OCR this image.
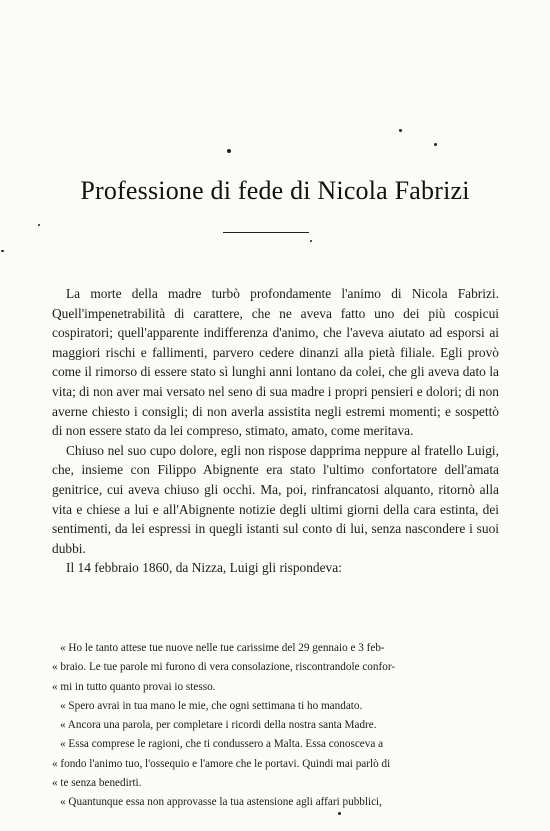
Professione di fede di Nicola Fabrizi

La morte della madre turbò profondamente l'animo di Nicola Fabrizi. Quell'impenetrabilità di carattere, che ne aveva fatto uno dei più cospicui cospiratori; quell'apparente indifferenza d'animo, che l'aveva aiutato ad esporsi ai maggiori rischi e fallimenti, parvero cedere dinanzi alla pietà filiale. Egli provò come il rimorso di essere stato sì lunghi anni lontano da colei, che gli aveva dato la vita; di non aver mai versato nel seno di sua madre i propri pensieri e dolori; di non averne chiesto i consigli; di non averla assistita negli estremi momenti; e sospettò di non essere stato da lei compreso, stimato, amato, come meritava.

Chiuso nel suo cupo dolore, egli non rispose dapprima neppure al fratello Luigi, che, insieme con Filippo Abignente era stato l'ultimo confortatore dell'amata genitrice, cui aveva chiuso gli occhi. Ma, poi, rinfrancatosi alquanto, ritornò alla vita e chiese a lui e all'Abignente notizie degli ultimi giorni della cara estinta, dei sentimenti, da lei espressi in quegli istanti sul conto di lui, senza nascondere i suoi dubbi.

Il 14 febbraio 1860, da Nizza, Luigi gli rispondeva:

« Ho le tanto attese tue nuove nelle tue carissime del 29 gennaio e 3 feb-
« braio. Le tue parole mi furono di vera consolazione, riscontrandole confor-
« mi in tutto quanto provai io stesso.
« Spero avrai in tua mano le mie, che ogni settimana ti ho mandato.
« Ancora una parola, per completare i ricordi della nostra santa Madre.
« Essa comprese le ragioni, che ti condussero a Malta. Essa conosceva a
« fondo l'animo tuo, l'ossequio e l'amore che le portavi. Quindi mai parlò di
« te senza benedirti.
« Quantunque essa non approvasse la tua astensione agli affari pubblici,
